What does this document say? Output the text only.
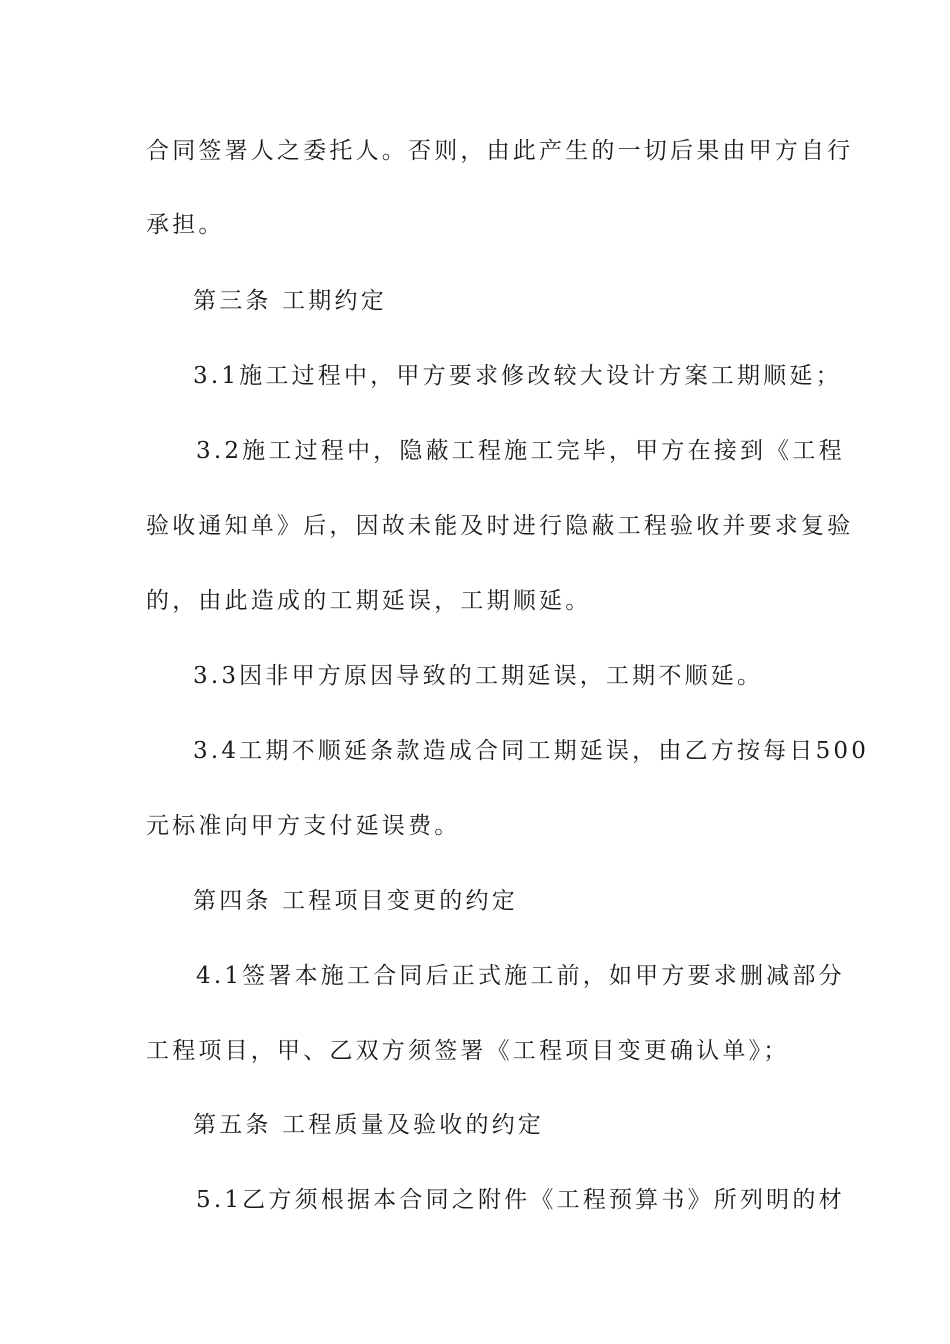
合同签署人之委托人。否则，由此产生的一切后果由甲方自行
承担。
第三条 工期约定
3.1施工过程中，甲方要求修改较大设计方案工期顺延；
3.2施工过程中，隐蔽工程施工完毕，甲方在接到《工程
验收通知单》后，因故未能及时进行隐蔽工程验收并要求复验
的，由此造成的工期延误，工期顺延。
3.3因非甲方原因导致的工期延误，工期不顺延。
3.4工期不顺延条款造成合同工期延误，由乙方按每日500
元标准向甲方支付延误费。
第四条 工程项目变更的约定
4.1签署本施工合同后正式施工前，如甲方要求删减部分
工程项目，甲、乙双方须签署《工程项目变更确认单》；
第五条 工程质量及验收的约定
5.1乙方须根据本合同之附件《工程预算书》所列明的材
